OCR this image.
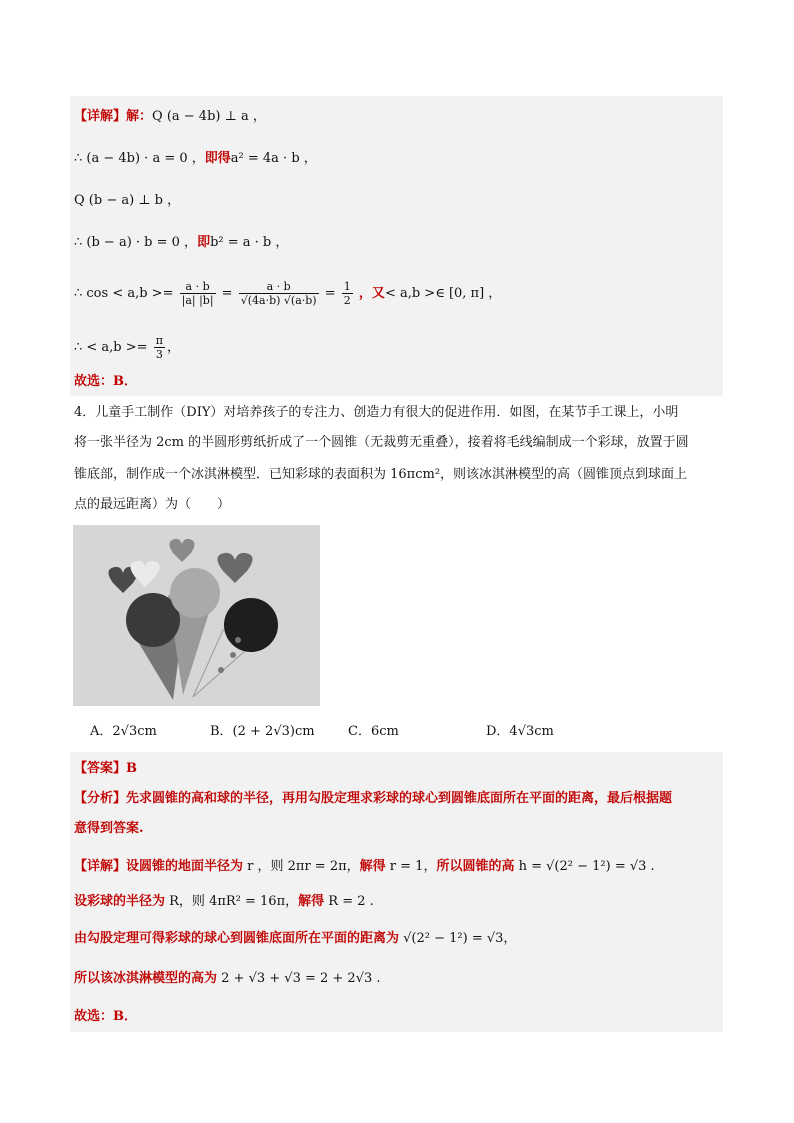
【详解】解：Q (a − 4b) ⊥ a ，
∴ (a − 4b) · a = 0 ，即得a² = 4a · b ，
Q (b − a) ⊥ b ，
∴ (b − a) · b = 0 ，即b² = a · b ，
∴ $\cos < a,b >= \frac{a \cdot b}{|a| |b|} = \frac{a \cdot b}{√(4a\cdot b) √(a\cdot b)} = \frac{1}{2}$ ，又< a,b >∈ [0, π] ，
∴ < $a,b >= \frac{\pi}{3}$ ，
故选：B．
4．儿童手工制作（DIY）对培养孩子的专注力、创造力有很大的促进作用．如图，在某节手工课上，小明
将一张半径为 2cm 的半圆形剪纸折成了一个圆锥（无裁剪无重叠），接着将毛线编制成一个彩球，放置于圆
锥底部，制作成一个冰淇淋模型．已知彩球的表面积为 16πcm²，则该冰淇淋模型的高（圆锥顶点到球面上
点的最远距离）为（　　）
A．2√3cm	B．(2 + 2√3)cm	C．6cm	D．4√3cm
【答案】B
【分析】先求圆锥的高和球的半径，再用勾股定理求彩球的球心到圆锥底面所在平面的距离，最后根据题
意得到答案.
【详解】设圆锥的地面半径为 r ，则 2πr = 2π，解得 r = 1，所以圆锥的高 h = √(2² − 1²) = √3 .
设彩球的半径为 R，则 4πR² = 16π，解得 R = 2 .
由勾股定理可得彩球的球心到圆锥底面所在平面的距离为 √(2² − 1²) = √3，
所以该冰淇淋模型的高为 2 + √3 + √3 = 2 + 2√3 .
故选：B．
